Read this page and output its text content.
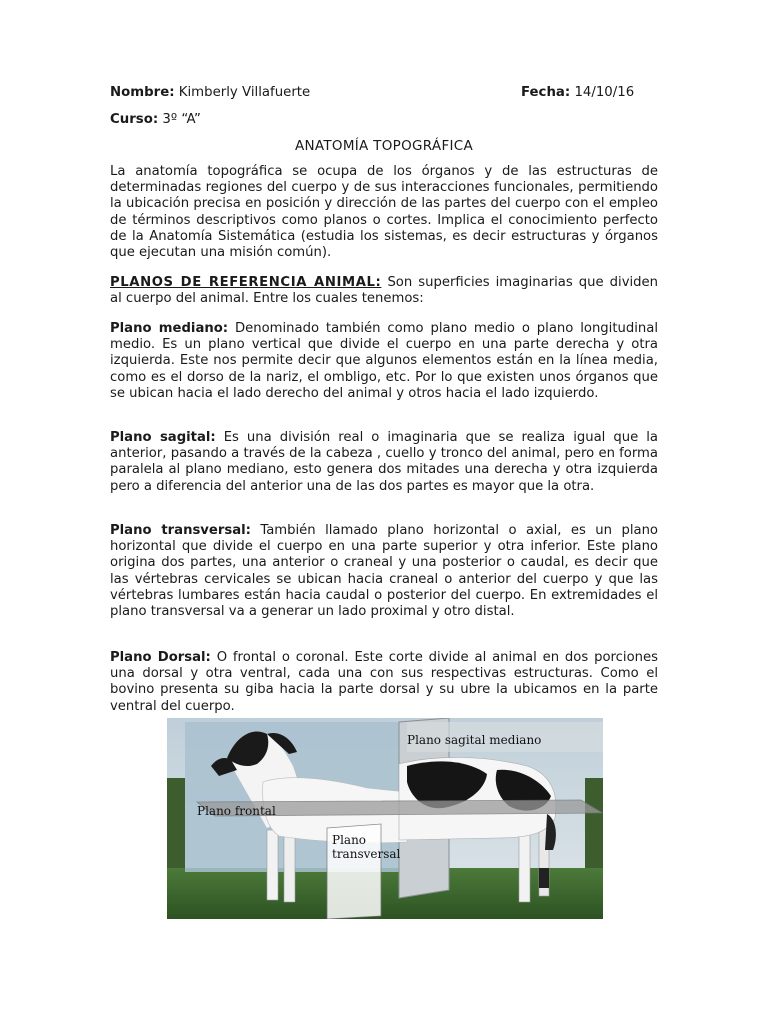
Nombre: Kimberly Villafuerte	Fecha: 14/10/16
Curso: 3º “A”
ANATOMÍA TOPOGRÁFICA

La anatomía topográfica se ocupa de los órganos y de las estructuras de determinadas regiones del cuerpo y de sus interacciones funcionales, permitiendo la ubicación precisa en posición y dirección de las partes del cuerpo con el empleo de términos descriptivos como planos o cortes. Implica el conocimiento perfecto de la Anatomía Sistemática (estudia los sistemas, es decir estructuras y órganos que ejecutan una misión común).

PLANOS DE REFERENCIA ANIMAL: Son superficies imaginarias que dividen al cuerpo del animal. Entre los cuales tenemos:

Plano mediano: Denominado también como plano medio o plano longitudinal medio. Es un plano vertical que divide el cuerpo en una parte derecha y otra izquierda. Este nos permite decir que algunos elementos están en la línea media, como es el dorso de la nariz, el ombligo, etc. Por lo que existen unos órganos que se ubican hacia el lado derecho del animal y otros hacia el lado izquierdo.

Plano sagital: Es una división real o imaginaria que se realiza igual que la anterior, pasando a través de la cabeza , cuello y tronco del animal, pero en forma paralela al plano mediano, esto genera dos mitades una derecha y otra izquierda pero a diferencia del anterior una de las dos partes es mayor que la otra.

Plano transversal: También llamado plano horizontal o axial, es un plano horizontal que divide el cuerpo en una parte superior y otra inferior. Este plano origina dos partes, una anterior o craneal y una posterior o caudal, es decir que las vértebras cervicales se ubican hacia craneal o anterior del cuerpo y que las vértebras lumbares están hacia caudal o posterior del cuerpo. En extremidades el plano transversal va a generar un lado proximal y otro distal.

Plano Dorsal: O frontal o coronal. Este corte divide al animal en dos porciones una dorsal y otra ventral, cada una con sus respectivas estructuras. Como el bovino presenta su giba hacia la parte dorsal y su ubre la ubicamos en la parte ventral del cuerpo.

Plano sagital mediano
Plano frontal
Plano
transversal
